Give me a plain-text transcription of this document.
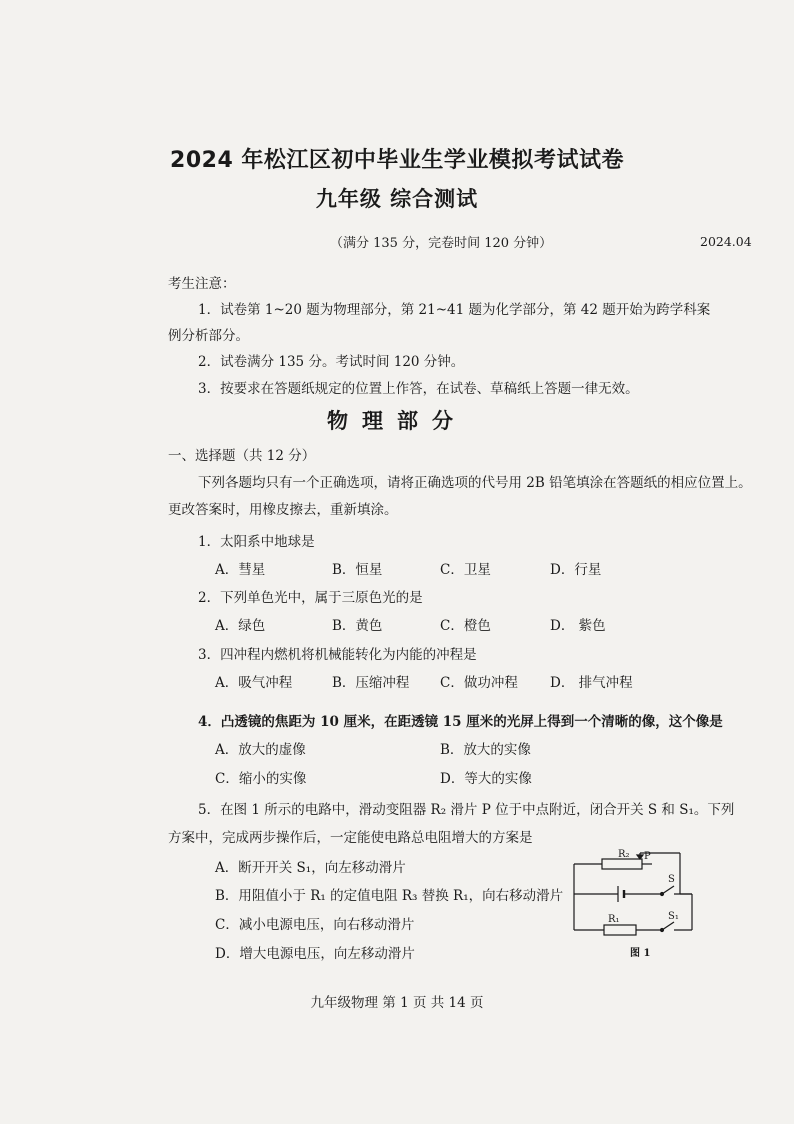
2024 年松江区初中毕业生学业模拟考试试卷
九年级 综合测试
（满分 135 分，完卷时间 120 分钟）	2024.04
考生注意：
1．试卷第 1~20 题为物理部分，第 21~41 题为化学部分，第 42 题开始为跨学科案
例分析部分。
2．试卷满分 135 分。考试时间 120 分钟。
3．按要求在答题纸规定的位置上作答，在试卷、草稿纸上答题一律无效。
物理部分
一、选择题（共 12 分）
下列各题均只有一个正确选项，请将正确选项的代号用 2B 铅笔填涂在答题纸的相应位置上。
更改答案时，用橡皮擦去，重新填涂。
1．太阳系中地球是
A．彗星	B．恒星	C．卫星	D．行星
2．下列单色光中，属于三原色光的是
A．绿色	B．黄色	C．橙色	D． 紫色
3．四冲程内燃机将机械能转化为内能的冲程是
A．吸气冲程	B．压缩冲程 C．做功冲程 D． 排气冲程
4．凸透镜的焦距为 10 厘米，在距透镜 15 厘米的光屏上得到一个清晰的像，这个像是
A．放大的虚像	B．放大的实像
C．缩小的实像	D．等大的实像
5．在图 1 所示的电路中，滑动变阻器 R₂ 滑片 P 位于中点附近，闭合开关 S 和 S₁。下列
方案中，完成两步操作后，一定能使电路总电阻增大的方案是
A．断开开关 S₁，向左移动滑片
B．用阻值小于 R₁ 的定值电阻 R₃ 替换 R₁，向右移动滑片
C．减小电源电压，向右移动滑片
D．增大电源电压，向左移动滑片
R₂ P
S
R₁	S₁
图 1
九年级物理 第 1 页 共 14 页
